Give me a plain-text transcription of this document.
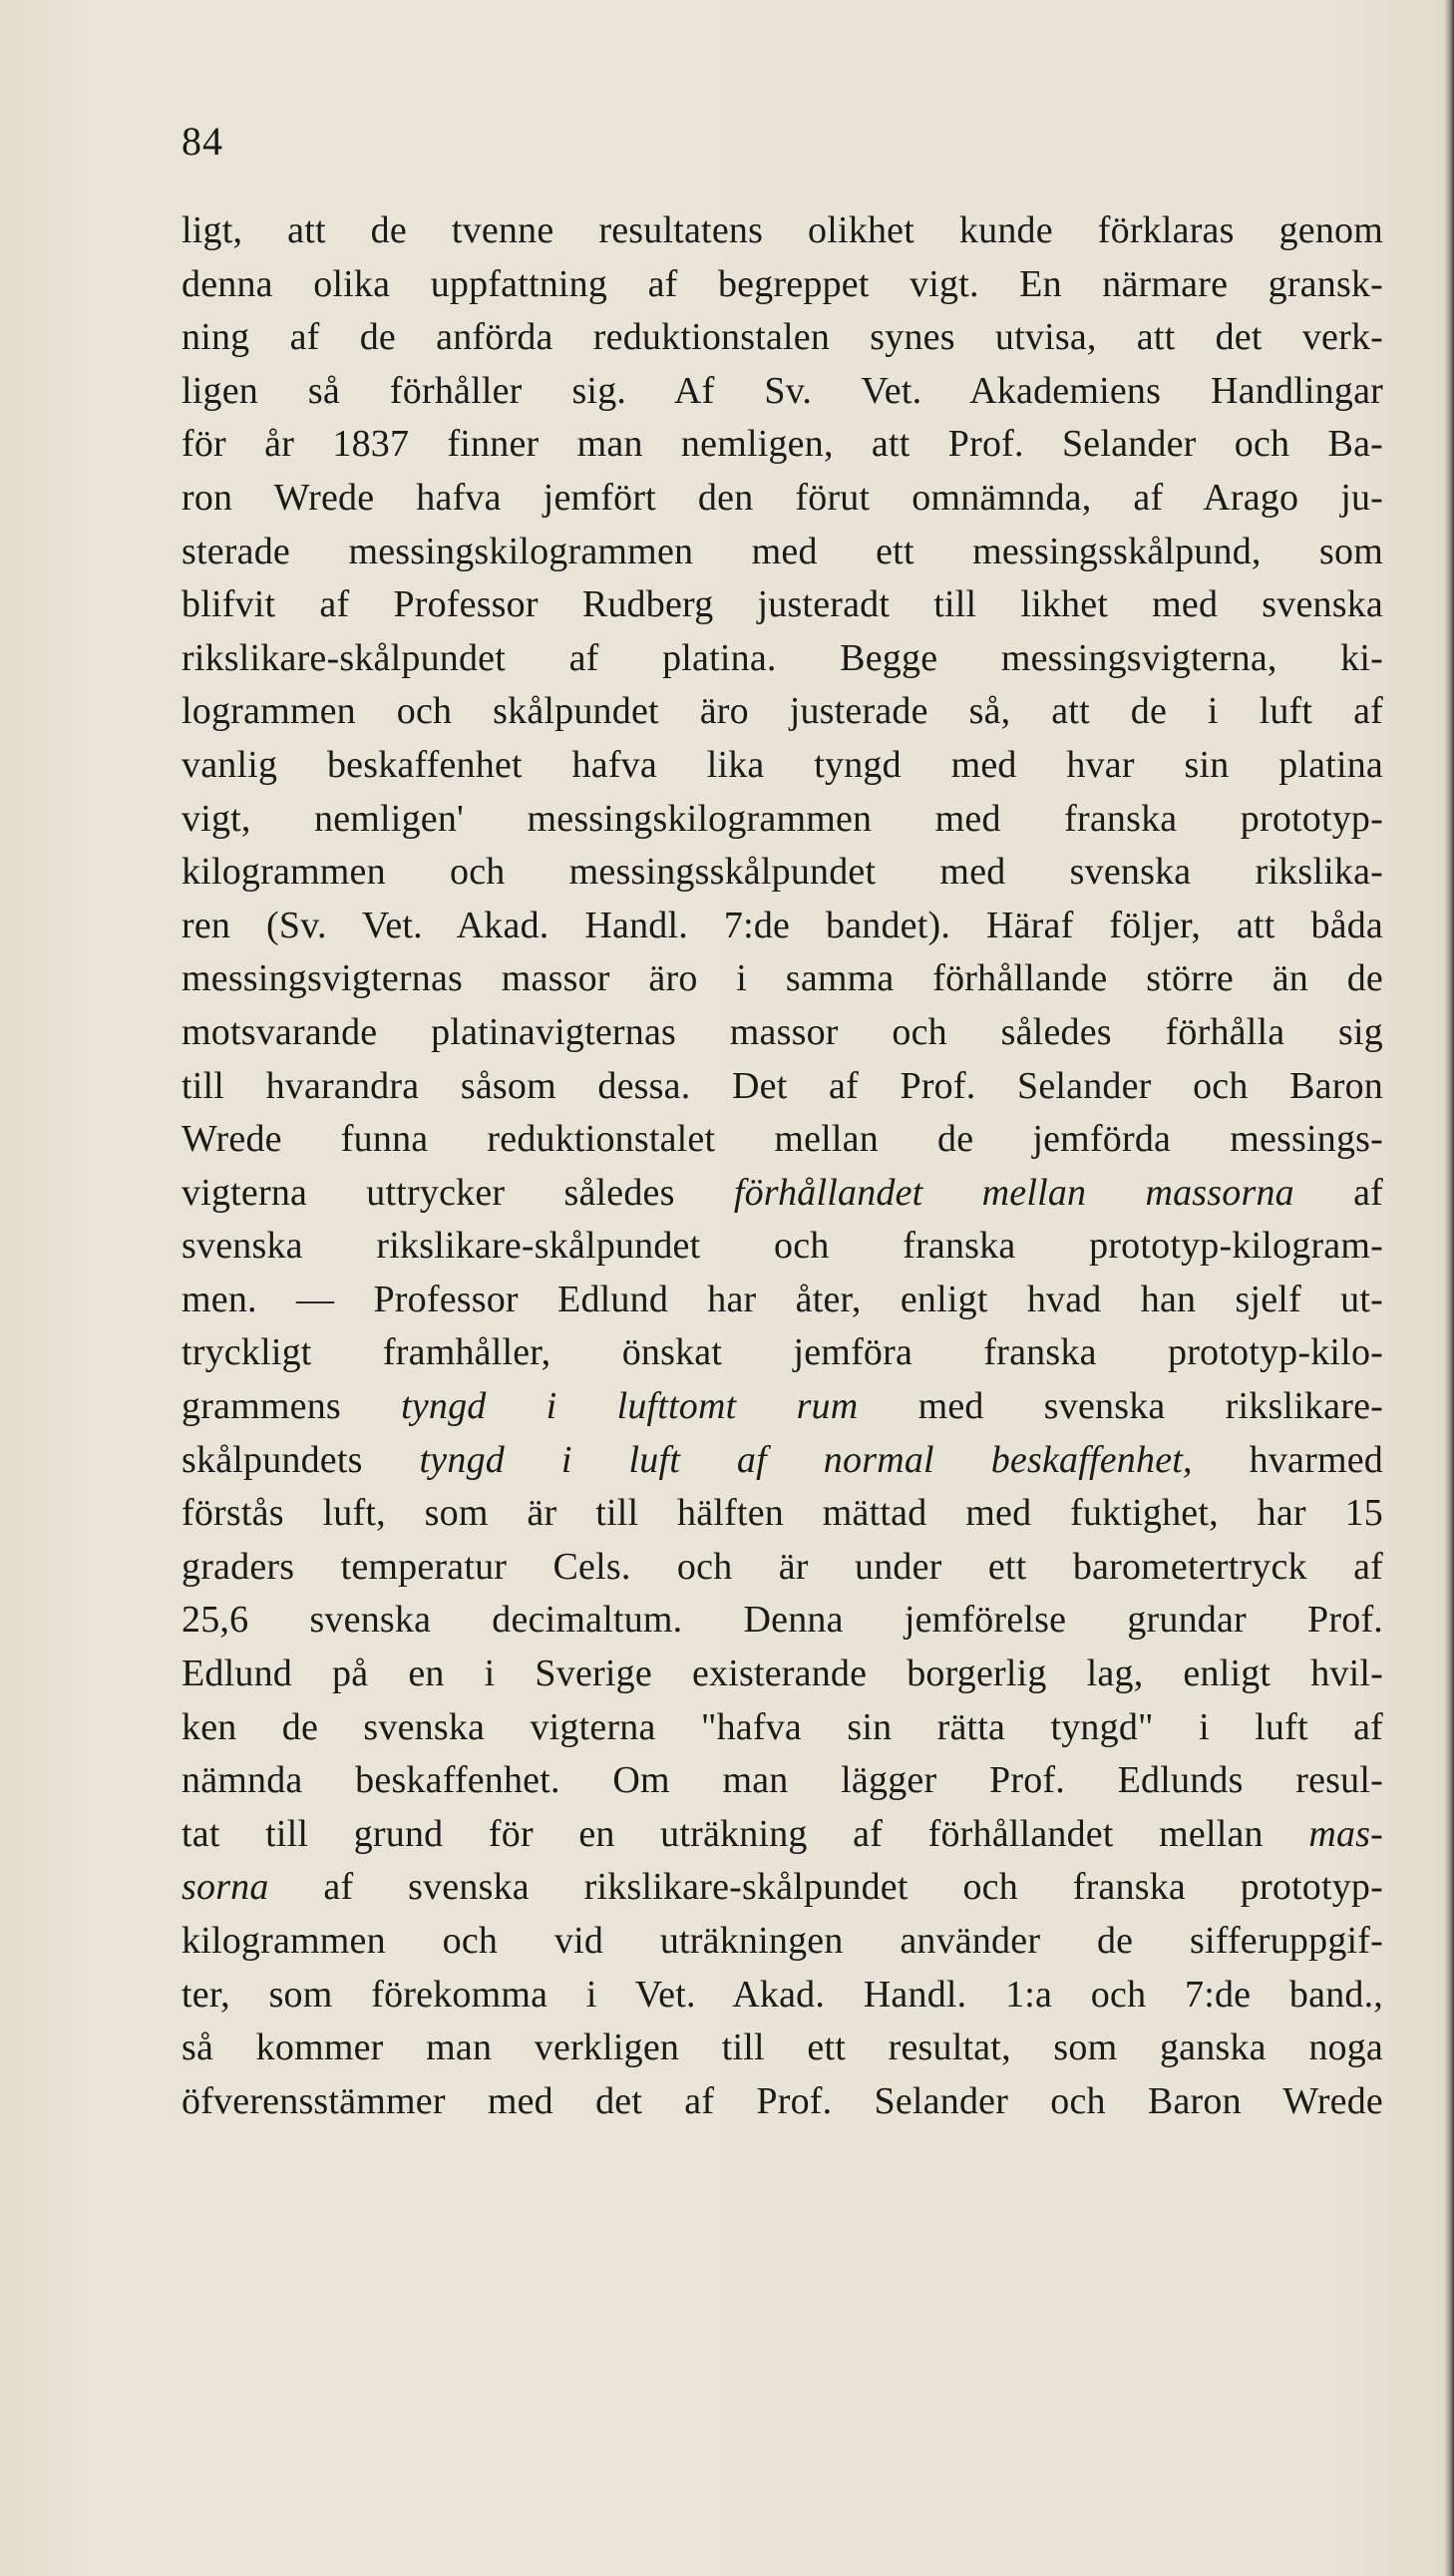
84
ligt, att de tvenne resultatens olikhet kunde förklaras genom
denna olika uppfattning af begreppet vigt. En närmare gransk-
ning af de anförda reduktionstalen synes utvisa, att det verk-
ligen så förhåller sig. Af Sv. Vet. Akademiens Handlingar
för år 1837 finner man nemligen, att Prof. Selander och Ba-
ron Wrede hafva jemfört den förut omnämnda, af Arago ju-
sterade messingskilogrammen med ett messingsskålpund, som
blifvit af Professor Rudberg justeradt till likhet med svenska
rikslikare-skålpundet af platina. Begge messingsvigterna, ki-
logrammen och skålpundet äro justerade så, att de i luft af
vanlig beskaffenhet hafva lika tyngd med hvar sin platina
vigt, nemligen' messingskilogrammen med franska prototyp-
kilogrammen och messingsskålpundet med svenska rikslika-
ren (Sv. Vet. Akad. Handl. 7:de bandet). Häraf följer, att båda
messingsvigternas massor äro i samma förhållande större än de
motsvarande platinavigternas massor och således förhålla sig
till hvarandra såsom dessa. Det af Prof. Selander och Baron
Wrede funna reduktionstalet mellan de jemförda messings-
vigterna uttrycker således förhållandet mellan massorna af
svenska rikslikare-skålpundet och franska prototyp-kilogram-
men. — Professor Edlund har åter, enligt hvad han sjelf ut-
tryckligt framhåller, önskat jemföra franska prototyp-kilo-
grammens tyngd i lufttomt rum med svenska rikslikare-
skålpundets tyngd i luft af normal beskaffenhet, hvarmed
förstås luft, som är till hälften mättad med fuktighet, har 15
graders temperatur Cels. och är under ett barometertryck af
25,6 svenska decimaltum. Denna jemförelse grundar Prof.
Edlund på en i Sverige existerande borgerlig lag, enligt hvil-
ken de svenska vigterna "hafva sin rätta tyngd" i luft af
nämnda beskaffenhet. Om man lägger Prof. Edlunds resul-
tat till grund för en uträkning af förhållandet mellan mas-
sorna af svenska rikslikare-skålpundet och franska prototyp-
kilogrammen och vid uträkningen använder de sifferuppgif-
ter, som förekomma i Vet. Akad. Handl. 1:a och 7:de band.,
så kommer man verkligen till ett resultat, som ganska noga
öfverensstämmer med det af Prof. Selander och Baron Wrede
